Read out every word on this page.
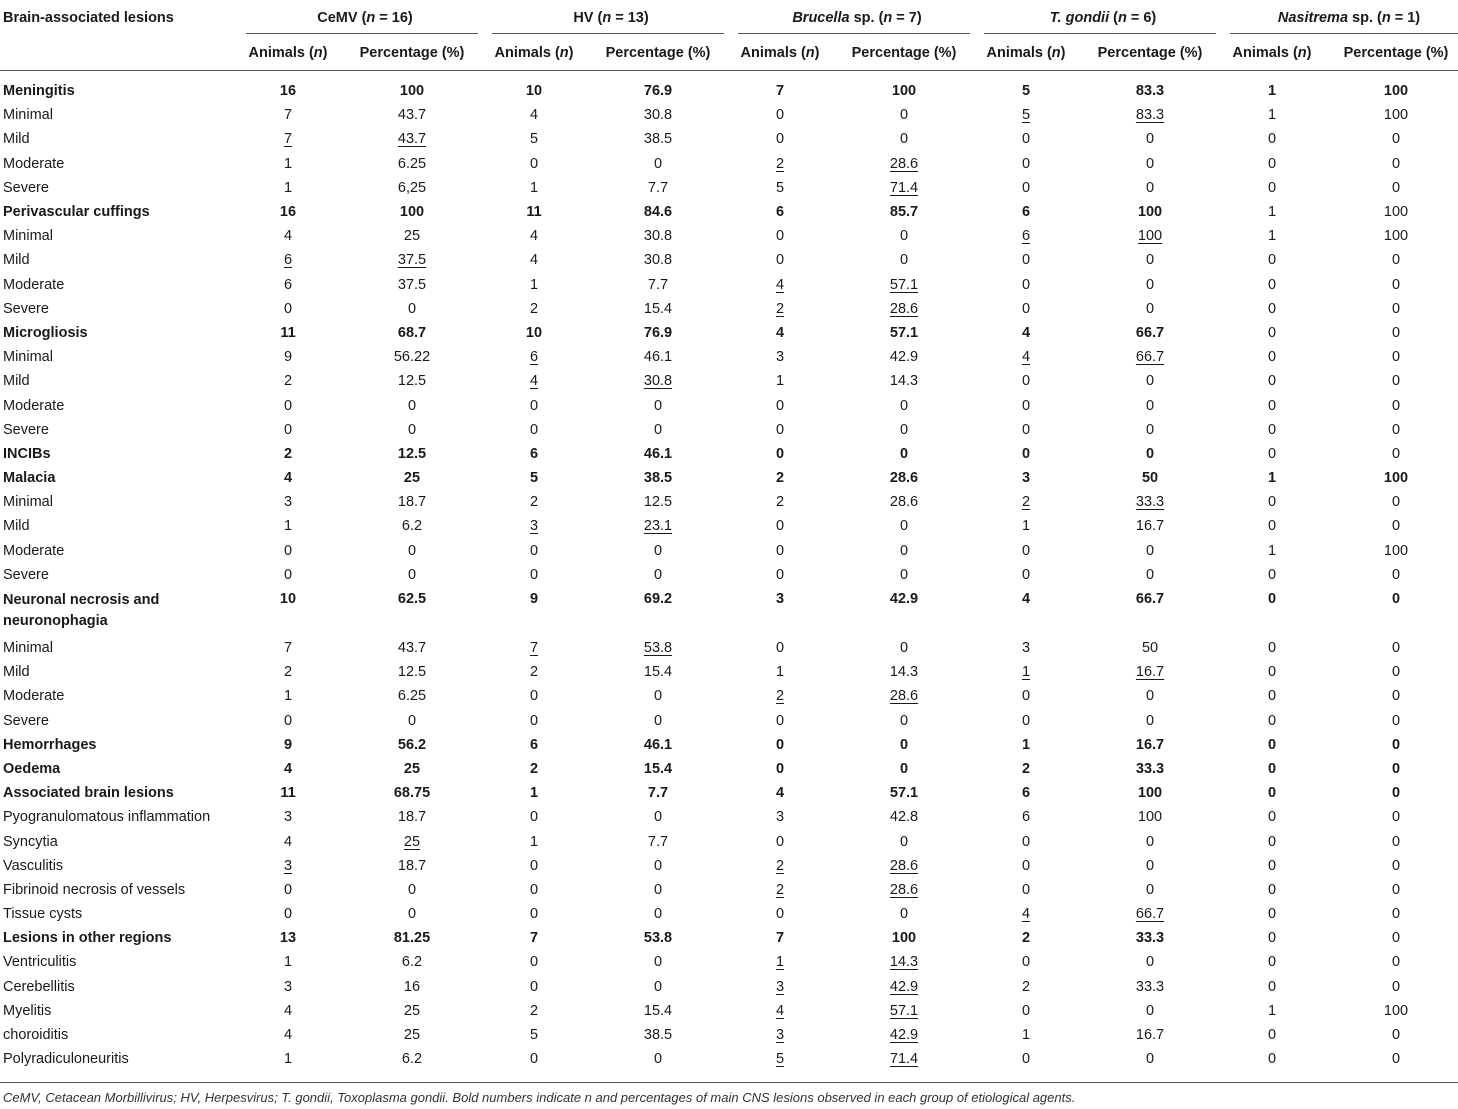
Brain-associated lesions	CeMV (n = 16)		HV (n = 13)		Brucella sp. (n = 7)		T. gondii (n = 6)		Nasitrema sp. (n = 1)	

	Animals (n)	Percentage (%)	Animals (n)	Percentage (%)	Animals (n)	Percentage (%)	Animals (n)	Percentage (%)	Animals (n)	Percentage (%)

Meningitis	16	100	10	76.9	7	100	5	83.3	1	100
Minimal	7	43.7	4	30.8	0	0	5	83.3	1	100
Mild	7	43.7	5	38.5	0	0	0	0	0	0
Moderate	1	6.25	0	0	2	28.6	0	0	0	0
Severe	1	6,25	1	7.7	5	71.4	0	0	0	0
Perivascular cuffings	16	100	11	84.6	6	85.7	6	100	1	100
Minimal	4	25	4	30.8	0	0	6	100	1	100
Mild	6	37.5	4	30.8	0	0	0	0	0	0
Moderate	6	37.5	1	7.7	4	57.1	0	0	0	0
Severe	0	0	2	15.4	2	28.6	0	0	0	0
Microgliosis	11	68.7	10	76.9	4	57.1	4	66.7	0	0
Minimal	9	56.22	6	46.1	3	42.9	4	66.7	0	0
Mild	2	12.5	4	30.8	1	14.3	0	0	0	0
Moderate	0	0	0	0	0	0	0	0	0	0
Severe	0	0	0	0	0	0	0	0	0	0
INCIBs	2	12.5	6	46.1	0	0	0	0	0	0
Malacia	4	25	5	38.5	2	28.6	3	50	1	100
Minimal	3	18.7	2	12.5	2	28.6	2	33.3	0	0
Mild	1	6.2	3	23.1	0	0	1	16.7	0	0
Moderate	0	0	0	0	0	0	0	0	1	100
Severe	0	0	0	0	0	0	0	0	0	0
Neuronal necrosis and neuronophagia	10	62.5	9	69.2	3	42.9	4	66.7	0	0
Minimal	7	43.7	7	53.8	0	0	3	50	0	0
Mild	2	12.5	2	15.4	1	14.3	1	16.7	0	0
Moderate	1	6.25	0	0	2	28.6	0	0	0	0
Severe	0	0	0	0	0	0	0	0	0	0
Hemorrhages	9	56.2	6	46.1	0	0	1	16.7	0	0
Oedema	4	25	2	15.4	0	0	2	33.3	0	0
Associated brain lesions	11	68.75	1	7.7	4	57.1	6	100	0	0
Pyogranulomatous inflammation	3	18.7	0	0	3	42.8	6	100	0	0
Syncytia	4	25	1	7.7	0	0	0	0	0	0
Vasculitis	3	18.7	0	0	2	28.6	0	0	0	0
Fibrinoid necrosis of vessels	0	0	0	0	2	28.6	0	0	0	0
Tissue cysts	0	0	0	0	0	0	4	66.7	0	0
Lesions in other regions	13	81.25	7	53.8	7	100	2	33.3	0	0
Ventriculitis	1	6.2	0	0	1	14.3	0	0	0	0
Cerebellitis	3	16	0	0	3	42.9	2	33.3	0	0
Myelitis	4	25	2	15.4	4	57.1	0	0	1	100
choroiditis	4	25	5	38.5	3	42.9	1	16.7	0	0
Polyradiculoneuritis	1	6.2	0	0	5	71.4	0	0	0	0
CeMV, Cetacean Morbillivirus; HV, Herpesvirus; T. gondii, Toxoplasma gondii. Bold numbers indicate n and percentages of main CNS lesions observed in each group of etiological agents.
